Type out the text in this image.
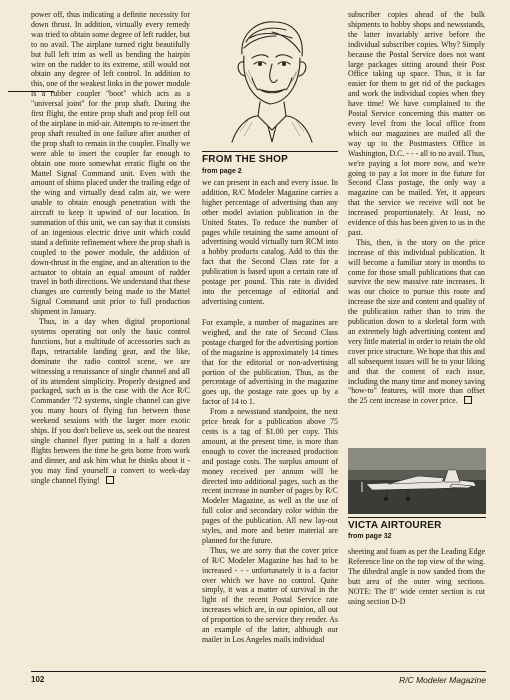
power off, thus indicating a definite necessity for down thrust. In addition, virtually every remedy was tried to obtain some degree of left rudder, but to no avail. The airplane turned right beautifully but full left trim as well as bending the hairpin wire on the rudder to its extreme, still would not obtain any degree of left control. In addition to this, one of the weakest links in the power module is a rubber coupler "boot" which acts as a "universal joint" for the prop shaft. During the first flight, the entire prop shaft and prop fell out of the airplane in mid-air. Attempts to re-insert the prop shaft resulted in one failure after another of the prop shaft to remain in the coupler. Finally we were able to insert the coupler far enough to obtain one more somewhat erratic flight on the Mattel Signal Command unit. Even with the amount of shims placed under the trailing edge of the wing and virtually dead calm air, we were unable to obtain enough penetration with the aircraft to keep it upwind of our location. In summation of this unit, we can say that it consists of an ingenious electric drive unit which could stand a definite refinement where the prop shaft is coupled to the power module, the addition of down-thrust in the engine, and an alteration to the actuator to obtain an equal amount of rudder travel in both directions. We understand that these changes are currently being made to the Mattel Signal Command unit prior to full production shipment in January.

Thus, in a day when digital proportional systems operating not only the basic control functions, but a multitude of accessories such as flaps, retractable landing gear, and the like, dominate the radio control scene, we are witnessing a renaissance of single channel and all of its attendent simplicity. Properly designed and packaged, such as is the case with the Ace R/C Commander '72 systems, single channel can give you many hours of flying fun between those weekend sessions with the larger more exotic ships. If you don't believe us, seek out the nearest single channel flyer putting in a half a dozen flights between the time he gets home from work and dinner, and ask him what he thinks about it - you may find yourself a convert to week-day single channel flying!

FROM THE SHOP
from page 2

we can present in each and every issue. In addition, R/C Modeler Magazine carries a higher percentage of advertising than any other model aviation publication in the United States. To reduce the number of pages while retaining the same amount of advertising would virtually turn RCM into a hobby products catalog. Add to this the fact that the Second Class rate for a publication is based upon a certain rate of postage per pound. This rate is divided into the percentage of editorial and advertising content.

For example, a number of magazines are weighed, and the rate of Second Class postage charged for the advertising portion of the magazine is approximately 14 times that for the editorial or non-advertising portion of the publication. Thus, as the percentage of advertising in the magazine goes up, the postage rate goes up by a factor of 14 to 1.

From a newsstand standpoint, the next price break for a publication above 75 cents is a tag of $1.00 per copy. This amount, at the present time, is more than enough to cover the increased production and postage costs. The surplus amount of money received per annum will be directed into additional pages, such as the recent increase in number of pages by R/C Modeler Magazine, as well as the use of full color and secondary color within the pages of the publication. All new lay-out styles, and more and better material are planned for the future.

Thus, we are sorry that the cover price of R/C Modeler Magazine has had to be increased - - - unfortunately it is a factor over which we have no control. Quite simply, it was a matter of survival in the light of the recent Postal Service rate increases which are, in our opinion, all out of proportion to the service they render. As an example of the latter, although our mailer in Los Angeles mails individual

subscriber copies ahead of the bulk shipments to hobby shops and newsstands, the latter invariably arrive before the individual subscriber copies. Why? Simply because the Postal Service does not want large packages sitting around their Post Office taking up space. Thus, it is far easier for them to get rid of the packages and work the individual copies when they have time! We have complained to the Postal Service concerning this matter on every level from the local office from which our magazines are mailed all the way up to the Postmasters Office in Washington, D.C. - - - all to no avail. Thus, we're paying a lot more now, and we're going to pay a lot more in the future for Second Class postage, the only way a magazine can be mailed. Yet, it appears that the service we receive will not be increased proportionately. At least, no evidence of this has been given to us in the past.

This, then, is the story on the price increase of this individual publication. It will become a familiar story in months to come for those small publications that can survive the new massive rate increases. It was our choice to pursue this route and increase the size and content and quality of the publication rather than to trim the publication down to a skeletal form with an extremely high advertising content and very little material in order to retain the old cover price structure. We hope that this and all subsequent issues will be to your liking and that the content of each issue, including the many time and money saving "how-to" features, will more than offset the 25 cent increase in cover price.

VICTA AIRTOURER
from page 32

sheeting and foam as per the Leading Edge Reference line on the top view of the wing. The dihedral angle is now sanded from the butt area of the outer wing sections. NOTE: The 8" wide center section is cut using section D-D

102	R/C Modeler Magazine
